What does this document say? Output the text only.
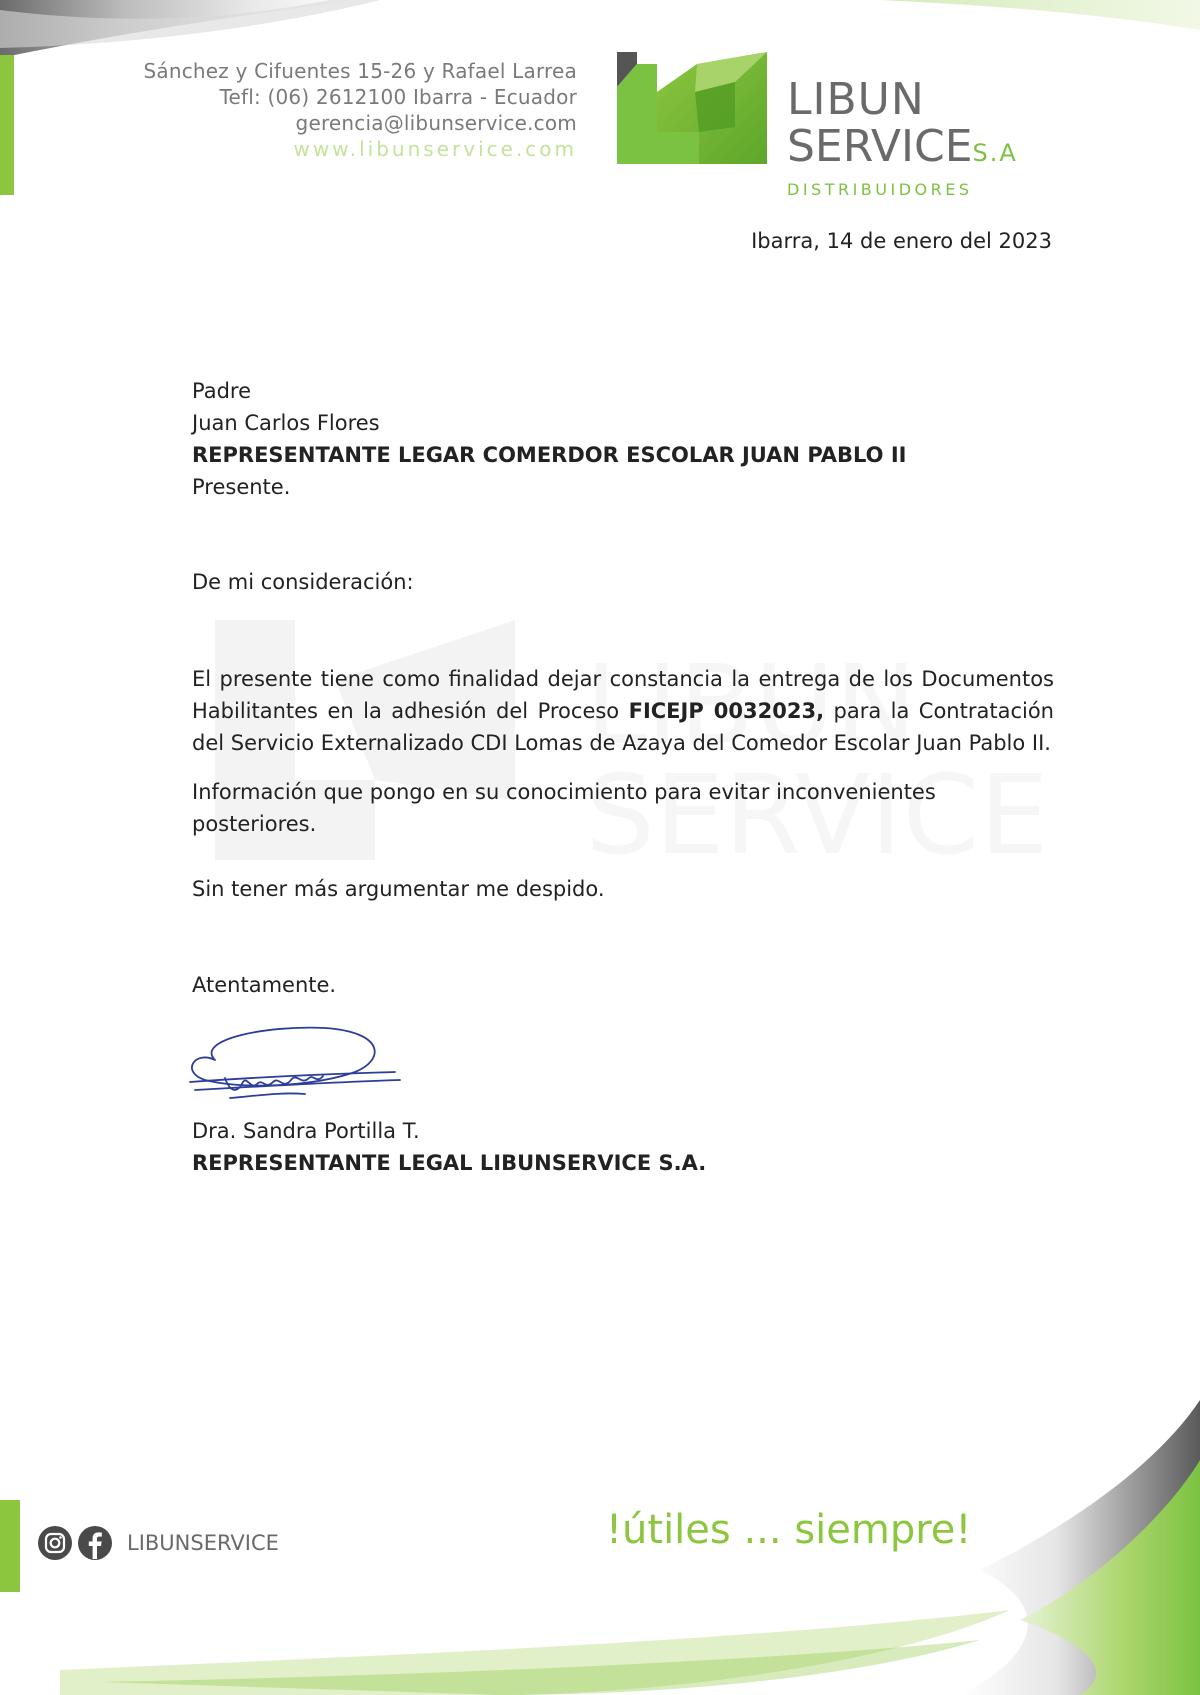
Sánchez y Cifuentes 15-26 y Rafael Larrea
Tefl: (06) 2612100 Ibarra - Ecuador
gerencia@libunservice.com
www.libunservice.com
LIBUN
SERVICES.A
DISTRIBUIDORES
Ibarra, 14 de enero del 2023
Padre
Juan Carlos Flores
REPRESENTANTE LEGAR COMERDOR ESCOLAR JUAN PABLO II
Presente.
De mi consideración:
El presente tiene como finalidad dejar constancia la entrega de los Documentos Habilitantes en la adhesión del Proceso FICEJP 0032023, para la Contratación del Servicio Externalizado CDI Lomas de Azaya del Comedor Escolar Juan Pablo II.
Información que pongo en su conocimiento para evitar inconvenientes posteriores.
Sin tener más argumentar me despido.
Atentamente.
Dra. Sandra Portilla T.
REPRESENTANTE LEGAL LIBUNSERVICE S.A.
LIBUNSERVICE	!útiles ... siempre!
